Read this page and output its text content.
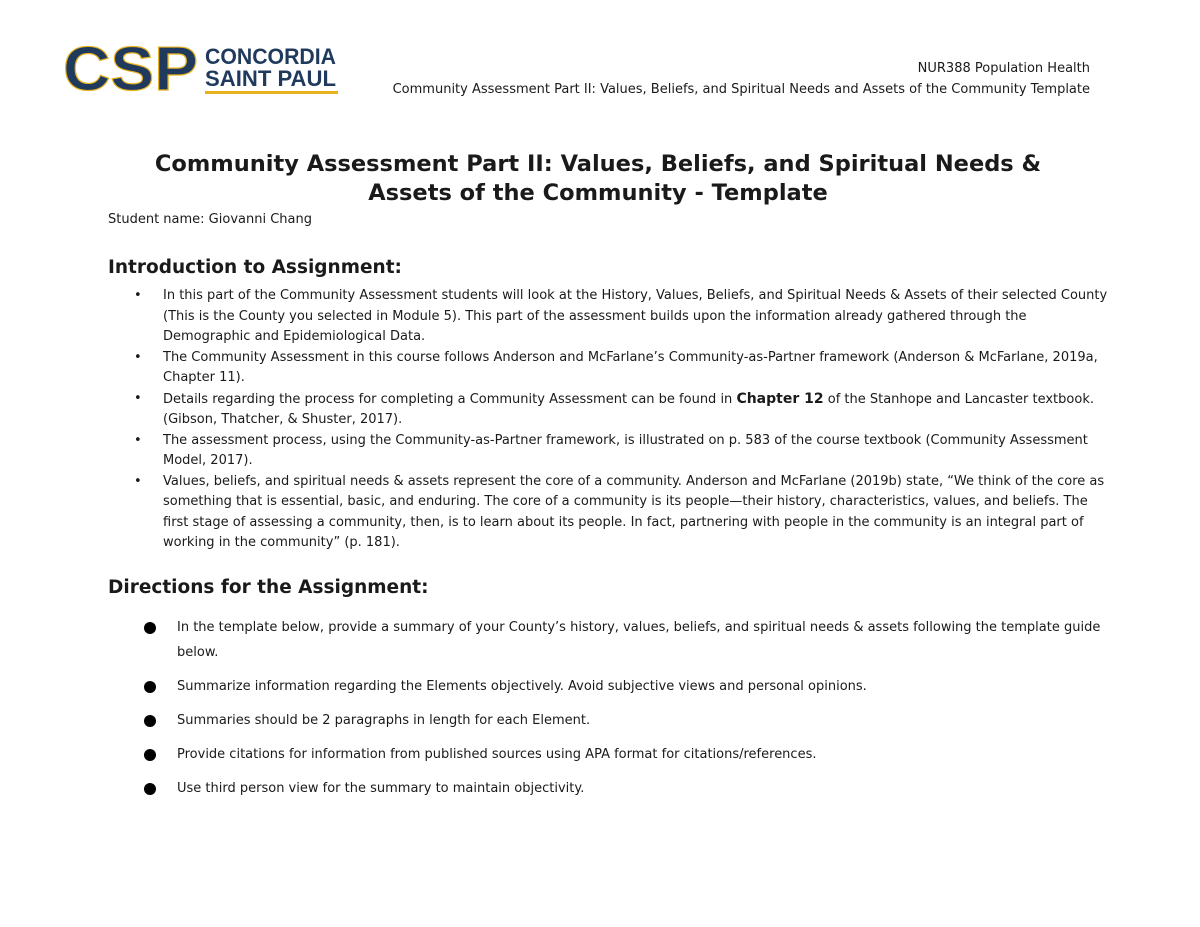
CSP CONCORDIA
SAINT PAUL	NUR388 Population Health
Community Assessment Part II: Values, Beliefs, and Spiritual Needs and Assets of the Community Template
Community Assessment Part II: Values, Beliefs, and Spiritual Needs &
Assets of the Community - Template
Student name: Giovanni Chang
Introduction to Assignment:
• In this part of the Community Assessment students will look at the History, Values, Beliefs, and Spiritual Needs & Assets of their selected County (This is the County you selected in Module 5). This part of the assessment builds upon the information already gathered through the Demographic and Epidemiological Data.
• The Community Assessment in this course follows Anderson and McFarlane’s Community-as-Partner framework (Anderson & McFarlane, 2019a, Chapter 11).
• Details regarding the process for completing a Community Assessment can be found in Chapter 12 of the Stanhope and Lancaster textbook. (Gibson, Thatcher, & Shuster, 2017).
• The assessment process, using the Community-as-Partner framework, is illustrated on p. 583 of the course textbook (Community Assessment Model, 2017).
• Values, beliefs, and spiritual needs & assets represent the core of a community. Anderson and McFarlane (2019b) state, “We think of the core as something that is essential, basic, and enduring. The core of a community is its people—their history, characteristics, values, and beliefs. The first stage of assessing a community, then, is to learn about its people. In fact, partnering with people in the community is an integral part of working in the community” (p. 181).
Directions for the Assignment:
In the template below, provide a summary of your County’s history, values, beliefs, and spiritual needs & assets following the template guide below.
Summarize information regarding the Elements objectively. Avoid subjective views and personal opinions.
Summaries should be 2 paragraphs in length for each Element.
Provide citations for information from published sources using APA format for citations/references.
Use third person view for the summary to maintain objectivity.
